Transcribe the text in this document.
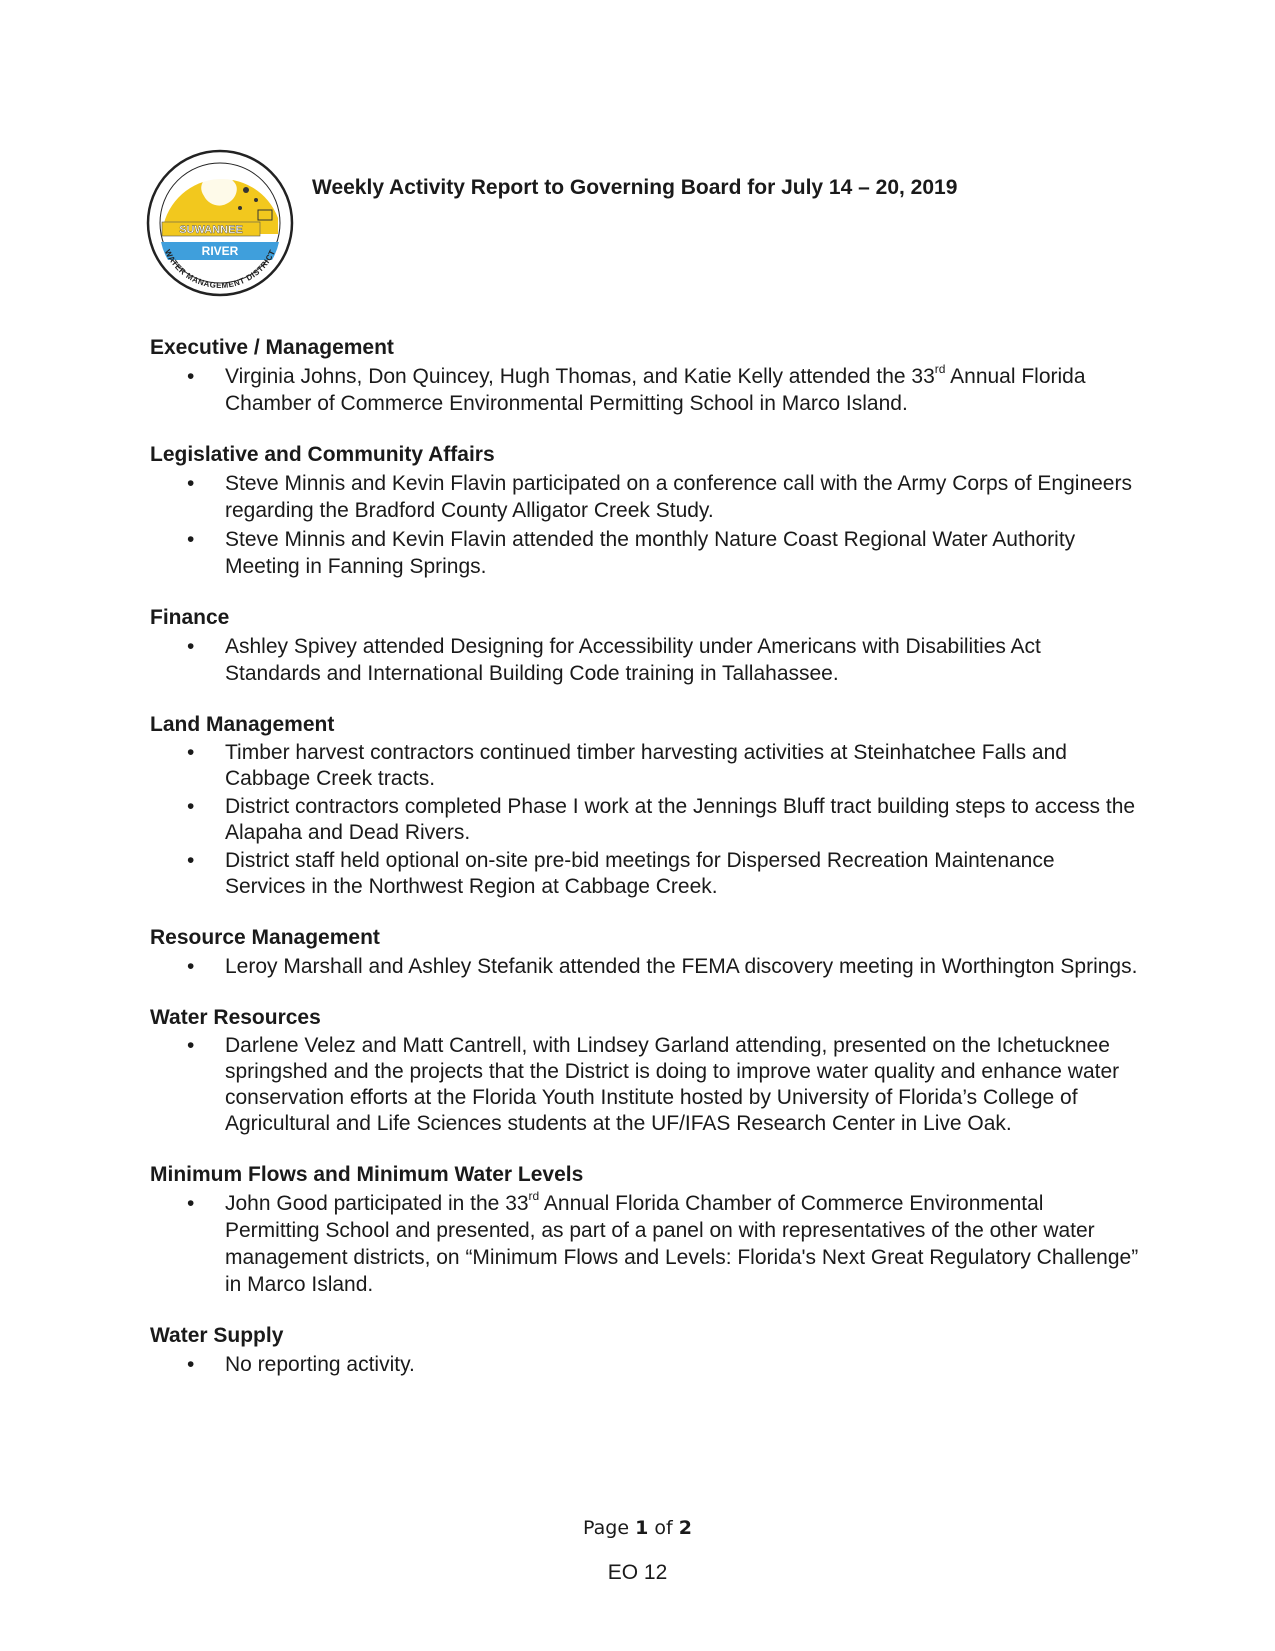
SUWANNEE
RIVER
WATER MANAGEMENT DISTRICT
Weekly Activity Report to Governing Board for July 14 – 20, 2019
Executive / Management
• Virginia Johns, Don Quincey, Hugh Thomas, and Katie Kelly attended the 33rd Annual Florida Chamber of Commerce Environmental Permitting School in Marco Island.
Legislative and Community Affairs
• Steve Minnis and Kevin Flavin participated on a conference call with the Army Corps of Engineers regarding the Bradford County Alligator Creek Study.
• Steve Minnis and Kevin Flavin attended the monthly Nature Coast Regional Water Authority Meeting in Fanning Springs.
Finance
• Ashley Spivey attended Designing for Accessibility under Americans with Disabilities Act Standards and International Building Code training in Tallahassee.
Land Management
• Timber harvest contractors continued timber harvesting activities at Steinhatchee Falls and Cabbage Creek tracts.
• District contractors completed Phase I work at the Jennings Bluff tract building steps to access the Alapaha and Dead Rivers.
• District staff held optional on-site pre-bid meetings for Dispersed Recreation Maintenance Services in the Northwest Region at Cabbage Creek.
Resource Management
• Leroy Marshall and Ashley Stefanik attended the FEMA discovery meeting in Worthington Springs.
Water Resources
• Darlene Velez and Matt Cantrell, with Lindsey Garland attending, presented on the Ichetucknee springshed and the projects that the District is doing to improve water quality and enhance water conservation efforts at the Florida Youth Institute hosted by University of Florida’s College of Agricultural and Life Sciences students at the UF/IFAS Research Center in Live Oak.
Minimum Flows and Minimum Water Levels
• John Good participated in the 33rd Annual Florida Chamber of Commerce Environmental Permitting School and presented, as part of a panel on with representatives of the other water management districts, on “Minimum Flows and Levels: Florida's Next Great Regulatory Challenge” in Marco Island.
Water Supply
• No reporting activity.
Page 1 of 2
EO 12
